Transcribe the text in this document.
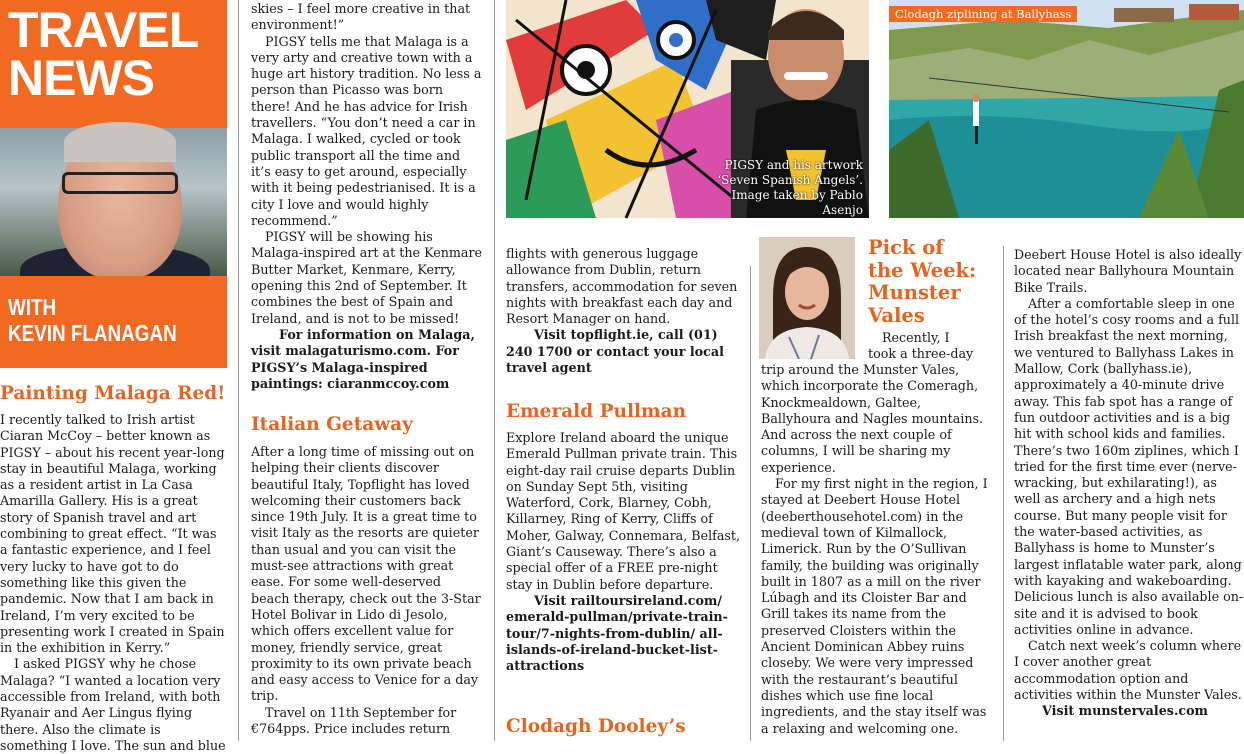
TRAVEL
NEWS
WITH
KEVIN FLANAGAN
Painting Malaga Red!

I recently talked to Irish artist Ciaran McCoy – better known as PIGSY – about his recent year-long stay in beautiful Malaga, working as a resident artist in La Casa Amarilla Gallery. His is a great story of Spanish travel and art combining to great effect. “It was a fantastic experience, and I feel very lucky to have got to do something like this given the pandemic. Now that I am back in Ireland, I’m very excited to be presenting work I created in Spain in the exhibition in Kerry.”

I asked PIGSY why he chose Malaga? “I wanted a location very accessible from Ireland, with both Ryanair and Aer Lingus flying there. Also the climate is something I love. The sun and blue

skies – I feel more creative in that environment!”

PIGSY tells me that Malaga is a very arty and creative town with a huge art history tradition. No less a person than Picasso was born there! And he has advice for Irish travellers. “You don’t need a car in Malaga. I walked, cycled or took public transport all the time and it’s easy to get around, especially with it being pedestrianised. It is a city I love and would highly recommend.”

PIGSY will be showing his Malaga-inspired art at the Kenmare Butter Market, Kenmare, Kerry, opening this 2nd of September. It combines the best of Spain and Ireland, and is not to be missed!

For information on Malaga, visit malagaturismo.com. For PIGSY’s Malaga-inspired paintings: ciaranmccoy.com

Italian Getaway

After a long time of missing out on helping their clients discover beautiful Italy, Topflight has loved welcoming their customers back since 19th July. It is a great time to visit Italy as the resorts are quieter than usual and you can visit the must-see attractions with great ease. For some well-deserved beach therapy, check out the 3-Star Hotel Bolivar in Lido di Jesolo, which offers excellent value for money, friendly service, great proximity to its own private beach and easy access to Venice for a day trip.

Travel on 11th September for €764pps. Price includes return

PIGSY and his artwork ‘Seven Spanish Angels’. Image taken by Pablo Asenjo
Clodagh ziplining at Ballyhass

flights with generous luggage allowance from Dublin, return transfers, accommodation for seven nights with breakfast each day and Resort Manager on hand.

Visit topflight.ie, call (01) 240 1700 or contact your local travel agent

Emerald Pullman

Explore Ireland aboard the unique Emerald Pullman private train. This eight-day rail cruise departs Dublin on Sunday Sept 5th, visiting Waterford, Cork, Blarney, Cobh, Killarney, Ring of Kerry, Cliffs of Moher, Galway, Connemara, Belfast, Giant’s Causeway. There’s also a special offer of a FREE pre-night stay in Dublin before departure.

Visit railtoursireland.com/ emerald-pullman/private-train-tour/7-nights-from-dublin/ all-islands-of-ireland-bucket-list-attractions

Clodagh Dooley’s
Pick of
the Week:
Munster
Vales

Recently, I

took a three-day

trip around the Munster Vales, which incorporate the Comeragh, Knockmealdown, Galtee, Ballyhoura and Nagles mountains. And across the next couple of columns, I will be sharing my experience.

For my first night in the region, I stayed at Deebert House Hotel (deeberthousehotel.com) in the medieval town of Kilmallock, Limerick. Run by the O’Sullivan family, the building was originally built in 1807 as a mill on the river Lúbagh and its Cloister Bar and Grill takes its name from the preserved Cloisters within the Ancient Dominican Abbey ruins closeby. We were very impressed with the restaurant’s beautiful dishes which use fine local ingredients, and the stay itself was a relaxing and welcoming one.

Deebert House Hotel is also ideally located near Ballyhoura Mountain Bike Trails.

After a comfortable sleep in one of the hotel’s cosy rooms and a full Irish breakfast the next morning, we ventured to Ballyhass Lakes in Mallow, Cork (ballyhass.ie), approximately a 40-minute drive away. This fab spot has a range of fun outdoor activities and is a big hit with school kids and families. There’s two 160m ziplines, which I tried for the first time ever (nerve-wracking, but exhilarating!), as well as archery and a high nets course. But many people visit for the water-based activities, as Ballyhass is home to Munster’s largest inflatable water park, along with kayaking and wakeboarding. Delicious lunch is also available on-site and it is advised to book activities online in advance.

Catch next week’s column where I cover another great accommodation option and activities within the Munster Vales.

Visit munstervales.com
